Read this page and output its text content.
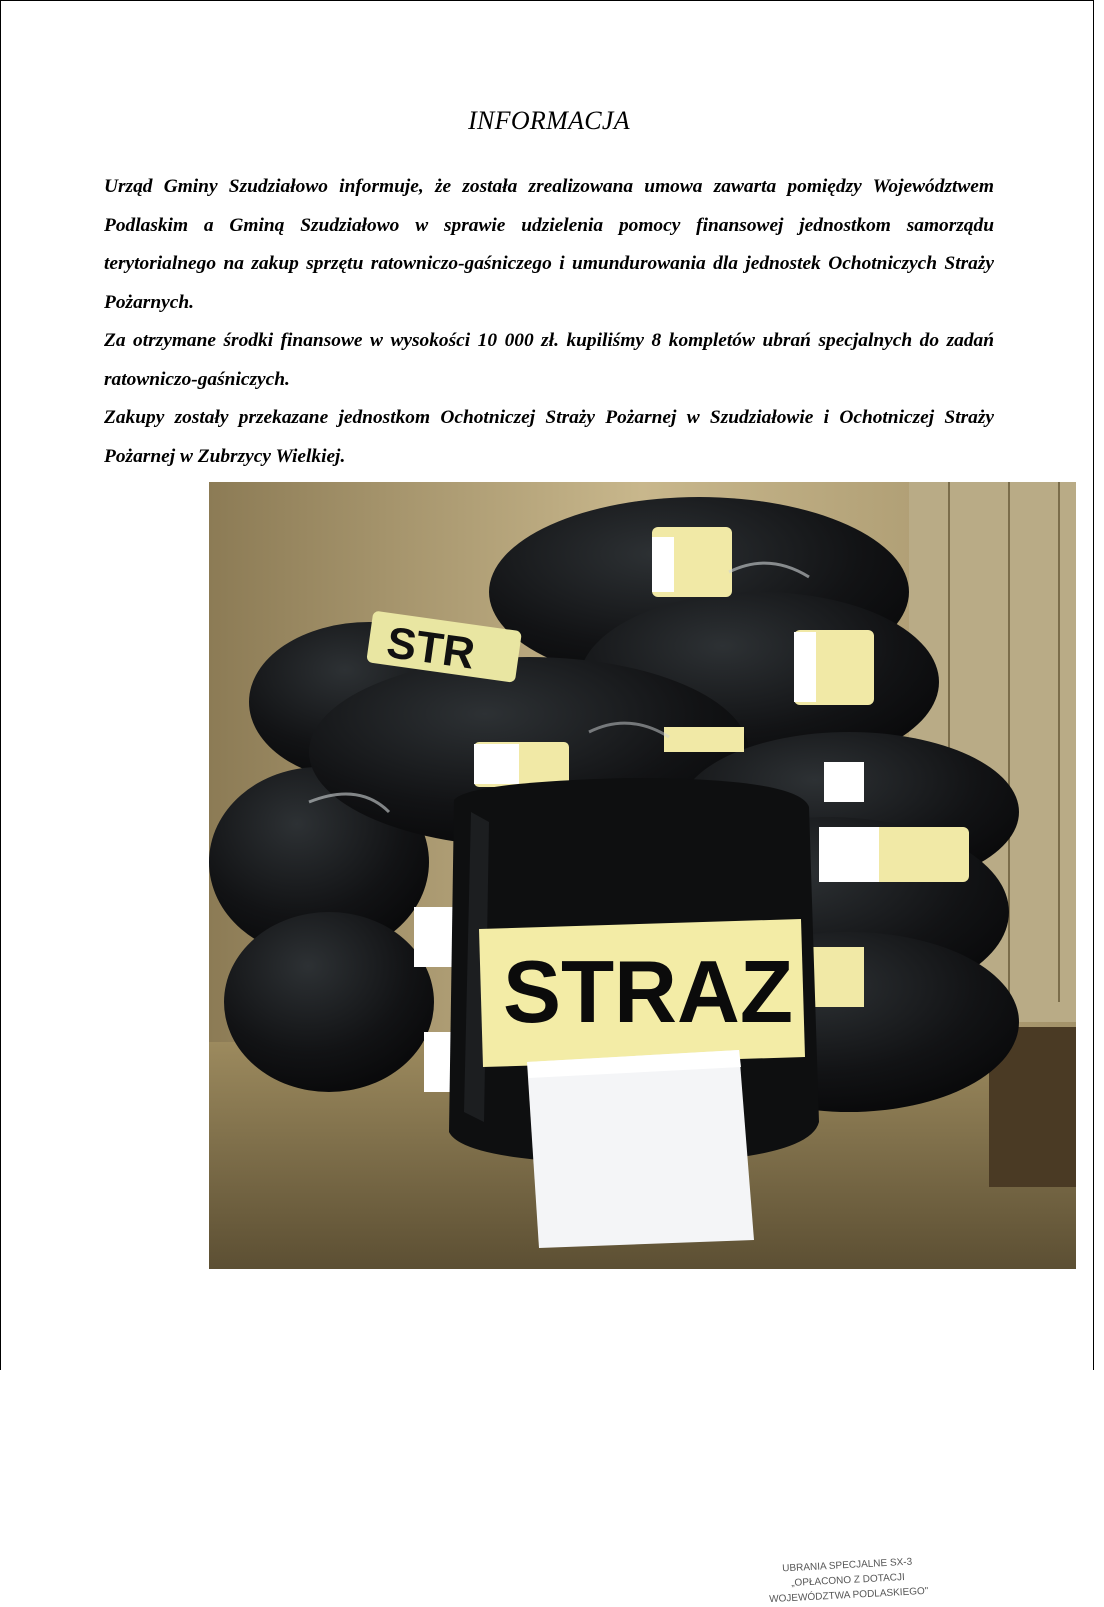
INFORMACJA

Urząd Gminy Szudziałowo informuje, że została zrealizowana umowa zawarta pomiędzy Województwem Podlaskim a Gminą Szudziałowo w sprawie udzielenia pomocy finansowej jednostkom samorządu terytorialnego na zakup sprzętu ratowniczo-gaśniczego i umundurowania dla jednostek Ochotniczych Straży Pożarnych.

Za otrzymane środki finansowe w wysokości 10 000 zł. kupiliśmy 8 kompletów ubrań specjalnych do zadań ratowniczo-gaśniczych.

Zakupy zostały przekazane jednostkom Ochotniczej Straży Pożarnej w Szudziałowie i Ochotniczej Straży Pożarnej w Zubrzycy Wielkiej.

STR
STRAZ
UBRANIA SPECJALNE SX-3
„OPŁACONO Z DOTACJI
WOJEWÓDZTWA PODLASKIEGO"
